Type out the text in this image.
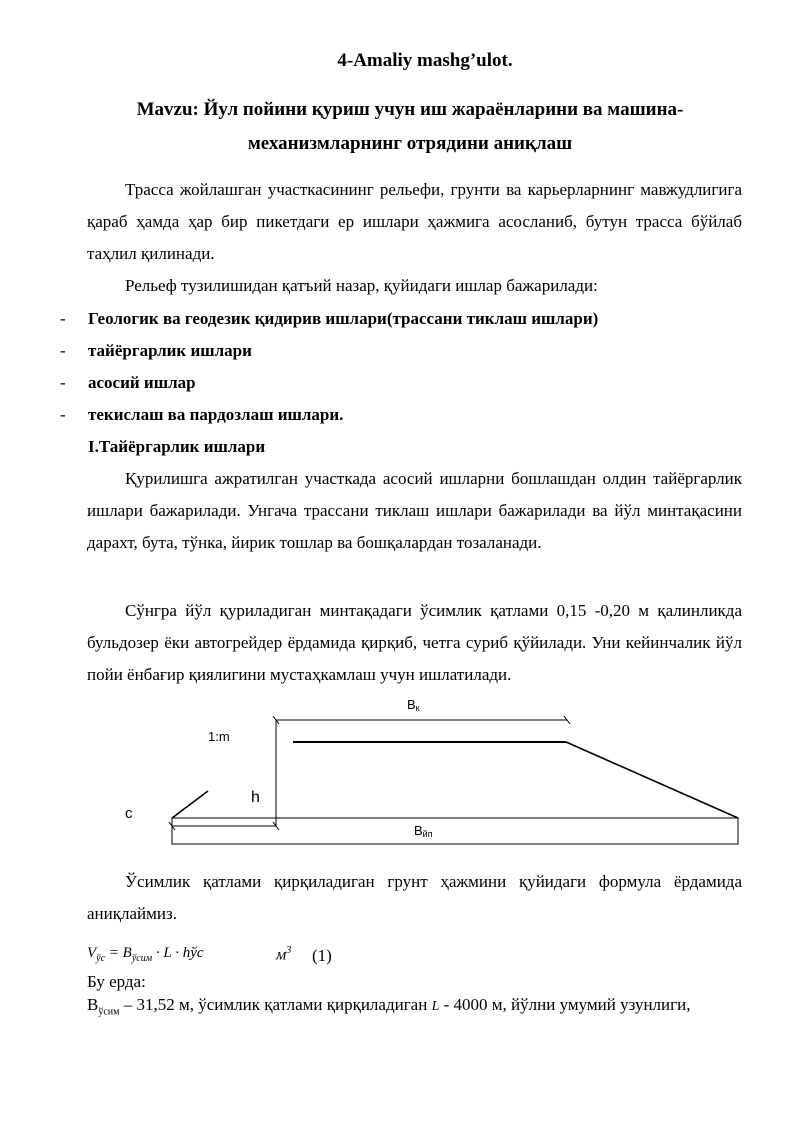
4-Amaliy mashg’ulot.
Mavzu: Йул пойини қуриш учун иш жараёнларини ва машина-
механизмларнинг отрядини аниқлаш
Трасса жойлашган участкасининг рельефи, грунти ва карьерларнинг мавжудлигига қараб ҳамда ҳар бир пикетдаги ер ишлари ҳажмига асосланиб, бутун трасса бўйлаб таҳлил қилинади.
Рельеф тузилишидан қатъий назар, қуйидаги ишлар бажарилади:
- Геологик ва геодезик қидирив ишлари(трассани тиклаш ишлари)
- тайёргарлик ишлари
- асосий ишлар
- текислаш ва пардозлаш ишлари.
I.Тайёргарлик ишлари
Қурилишга ажратилган участкада асосий ишларни бошлашдан олдин тайёргарлик ишлари бажарилади. Унгача трассани тиклаш ишлари бажарилади ва йўл минтақасини дарахт, бута, тўнка, йирик тошлар ва бошқалардан тозаланади.
Сўнгра йўл қуриладиган минтақадаги ўсимлик қатлами 0,15 -0,20 м қалинликда бульдозер ёки автогрейдер ёрдамида қирқиб, четга суриб қўйилади. Уни кейинчалик йўл пойи ёнбағир қиялигини мустаҳкамлаш учун ишлатилади.
Вк
1:m
h
с
Вйп
Ўсимлик қатлами қирқиладиган грунт ҳажмини қуйидаги формула ёрдамида аниқлаймиз.
$V_{ўс} = B_{ўсим} \cdot L$ · hўс	$м^3$ (1)
Бу ерда:
$В_{ўсим} - 31,52$ м, ўсимлик қатлами қирқиладиган L - 4000 м, йўлни умумий узунлиги,
